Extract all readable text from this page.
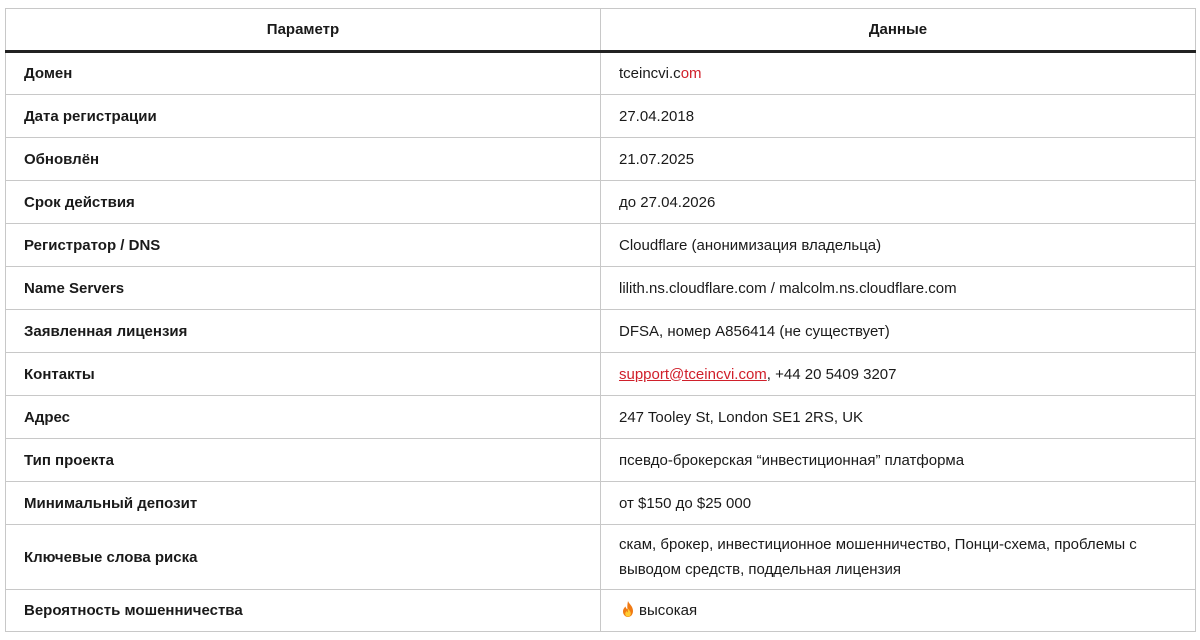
Параметр	Данные
Домен	tceincvi.com
Дата регистрации	27.04.2018
Обновлён	21.07.2025
Срок действия	до 27.04.2026
Регистратор / DNS	Cloudflare (анонимизация владельца)
Name Servers	lilith.ns.cloudflare.com / malcolm.ns.cloudflare.com
Заявленная лицензия	DFSA, номер A856414 (не существует)
Контакты	support@tceincvi.com, +44 20 5409 3207
Адрес	247 Tooley St, London SE1 2RS, UK
Тип проекта	псевдо-брокерская “инвестиционная” платформа
Минимальный депозит	от $150 до $25 000
Ключевые слова риска	скам, брокер, инвестиционное мошенничество, Понци-схема, проблемы с выводом средств, поддельная лицензия
Вероятность мошенничества	высокая
